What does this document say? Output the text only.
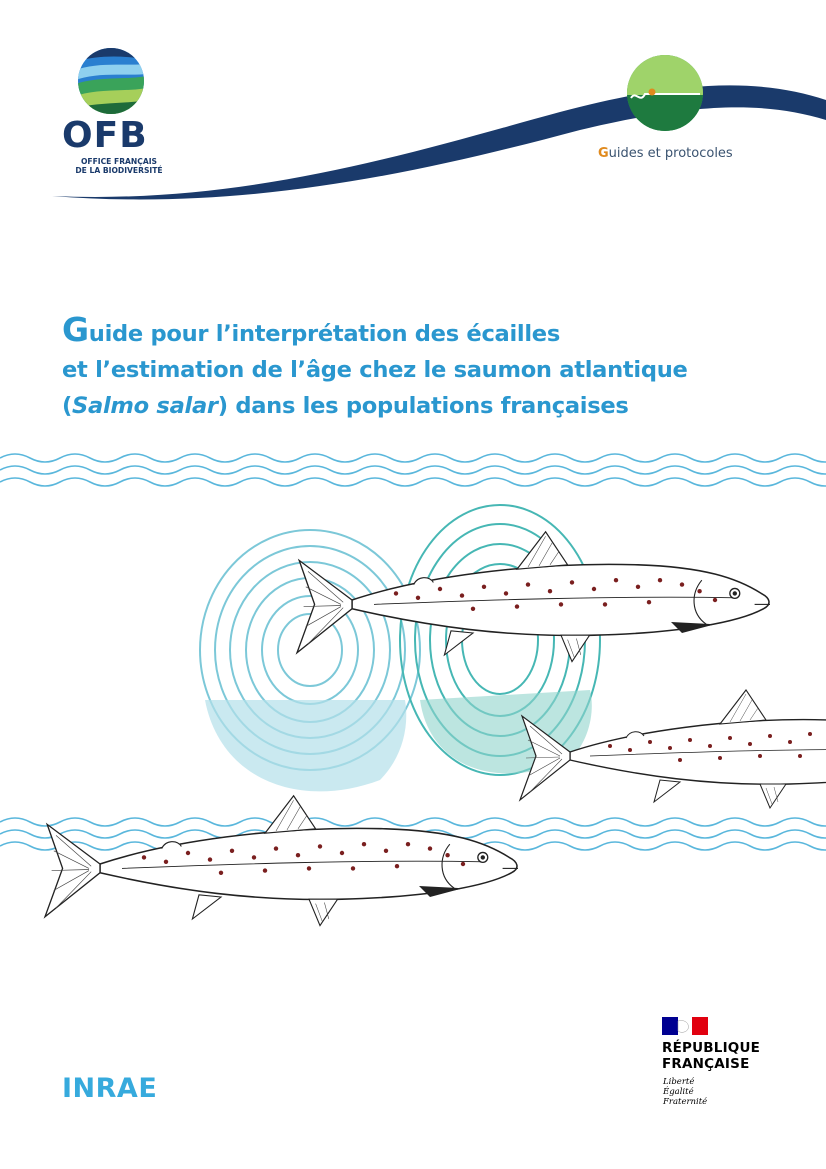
OFB
OFFICE FRANÇAIS
DE LA BIODIVERSITÉ
Guides et protocoles
Guide pour l’interprétation des écailles
et l’estimation de l’âge chez le saumon atlantique
(Salmo salar) dans les populations françaises
INRAE
RÉPUBLIQUE
FRANÇAISE
Liberté
Égalité
Fraternité
